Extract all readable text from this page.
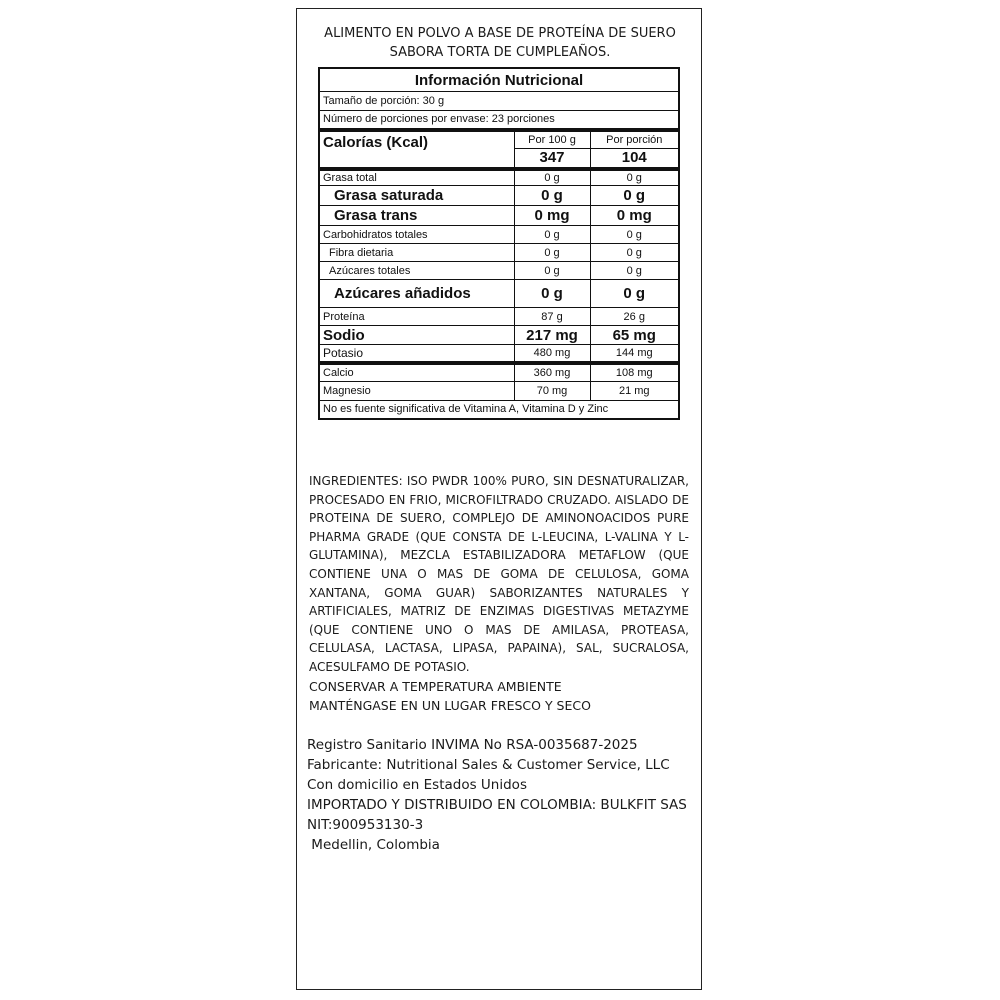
ALIMENTO EN POLVO A BASE DE PROTEÍNA DE SUERO
SABORA TORTA DE CUMPLEAÑOS.
Información Nutricional		
Tamaño de porción: 30 g		
Número de porciones por envase: 23 porciones		
Calorías (Kcal)	Por 100 g	Por porción
	347	104
Grasa total	0 g	0 g
Grasa saturada	0 g	0 g
Grasa trans	0 mg	0 mg
Carbohidratos totales	0 g	0 g
Fibra dietaria	0 g	0 g
Azúcares totales	0 g	0 g
Azúcares añadidos	0 g	0 g
Proteína	87 g	26 g
Sodio	217 mg	65 mg
Potasio	480 mg	144 mg
Calcio	360 mg	108 mg
Magnesio	70 mg	21 mg
No es fuente significativa de Vitamina A, Vitamina D y Zinc		
INGREDIENTES: ISO PWDR 100% PURO, SIN DESNATURALIZAR, PROCESADO EN FRIO, MICROFILTRADO CRUZADO. AISLADO DE PROTEINA DE SUERO, COMPLEJO DE AMINONOACIDOS PURE PHARMA GRADE (QUE CONSTA DE L-LEUCINA, L-VALINA Y L-GLUTAMINA), MEZCLA ESTABILIZADORA METAFLOW (QUE CONTIENE UNA O MAS DE GOMA DE CELULOSA, GOMA XANTANA, GOMA GUAR) SABORIZANTES NATURALES Y ARTIFICIALES, MATRIZ DE ENZIMAS DIGESTIVAS METAZYME (QUE CONTIENE UNO O MAS DE AMILASA, PROTEASA, CELULASA, LACTASA, LIPASA, PAPAINA), SAL, SUCRALOSA, ACESULFAMO DE POTASIO.
CONSERVAR A TEMPERATURA AMBIENTE
MANTÉNGASE EN UN LUGAR FRESCO Y SECO
Registro Sanitario INVIMA No RSA-0035687-2025
Fabricante: Nutritional Sales & Customer Service, LLC
Con domicilio en Estados Unidos
IMPORTADO Y DISTRIBUIDO EN COLOMBIA: BULKFIT SAS
NIT:900953130-3
Medellin, Colombia
